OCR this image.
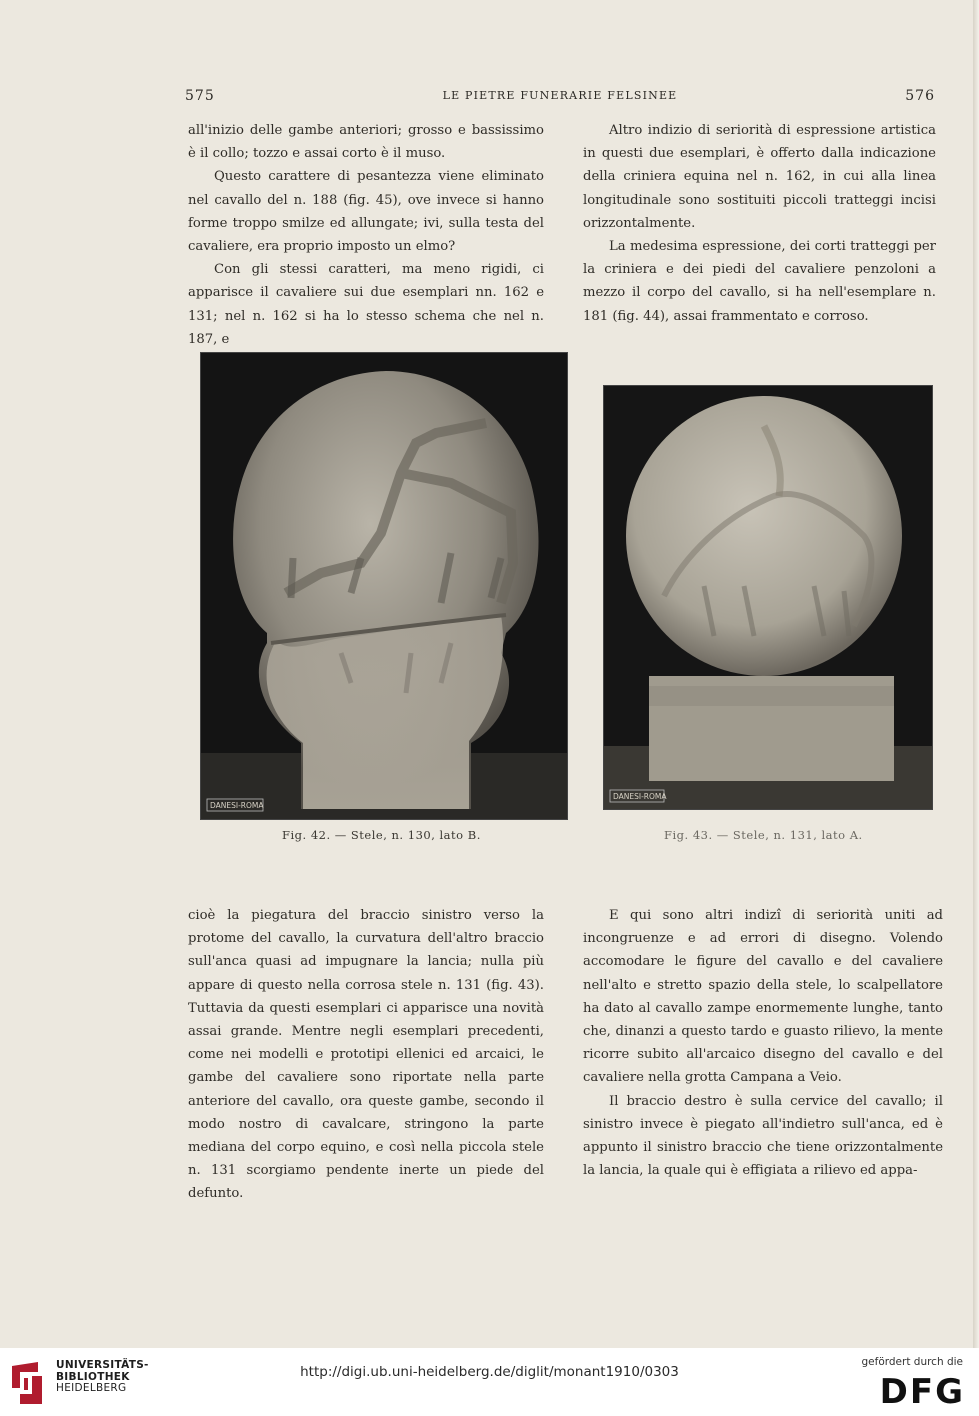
575	LE PIETRE FUNERARIE FELSINEE	576

all'inizio delle gambe anteriori; grosso e bassissimo è il collo; tozzo e assai corto è il muso.

Questo carattere di pesantezza viene eliminato nel cavallo del n. 188 (fig. 45), ove invece si hanno forme troppo smilze ed allungate; ivi, sulla testa del cavaliere, era proprio imposto un elmo?

Con gli stessi caratteri, ma meno rigidi, ci apparisce il cavaliere sui due esemplari nn. 162 e 131; nel n. 162 si ha lo stesso schema che nel n. 187, e

Altro indizio di seriorità di espressione artistica in questi due esemplari, è offerto dalla indicazione della criniera equina nel n. 162, in cui alla linea longitudinale sono sostituiti piccoli tratteggi incisi orizzontalmente.

La medesima espressione, dei corti tratteggi per la criniera e dei piedi del cavaliere penzoloni a mezzo il corpo del cavallo, si ha nell'esemplare n. 181 (fig. 44), assai frammentato e corroso.

DANESI-ROMA
Fig. 42. — Stele, n. 130, lato B.
DANESI-ROMA
Fig. 43. — Stele, n. 131, lato A.

cioè la piegatura del braccio sinistro verso la protome del cavallo, la curvatura dell'altro braccio sull'anca quasi ad impugnare la lancia; nulla più appare di questo nella corrosa stele n. 131 (fig. 43). Tuttavia da questi esemplari ci apparisce una novità assai grande. Mentre negli esemplari precedenti, come nei modelli e prototipi ellenici ed arcaici, le gambe del cavaliere sono riportate nella parte anteriore del cavallo, ora queste gambe, secondo il modo nostro di cavalcare, stringono la parte mediana del corpo equino, e così nella piccola stele n. 131 scorgiamo pendente inerte un piede del defunto.

E qui sono altri indizî di seriorità uniti ad incongruenze e ad errori di disegno. Volendo accomodare le figure del cavallo e del cavaliere nell'alto e stretto spazio della stele, lo scalpellatore ha dato al cavallo zampe enormemente lunghe, tanto che, dinanzi a questo tardo e guasto rilievo, la mente ricorre subito all'arcaico disegno del cavallo e del cavaliere nella grotta Campana a Veio.

Il braccio destro è sulla cervice del cavallo; il sinistro invece è piegato all'indietro sull'anca, ed è appunto il sinistro braccio che tiene orizzontalmente la lancia, la quale qui è effigiata a rilievo ed appa-

UNIVERSITÄTS-
BIBLIOTHEK
HEIDELBERG
http://digi.ub.uni-heidelberg.de/diglit/monant1910/0303
gefördert durch die
DFG
